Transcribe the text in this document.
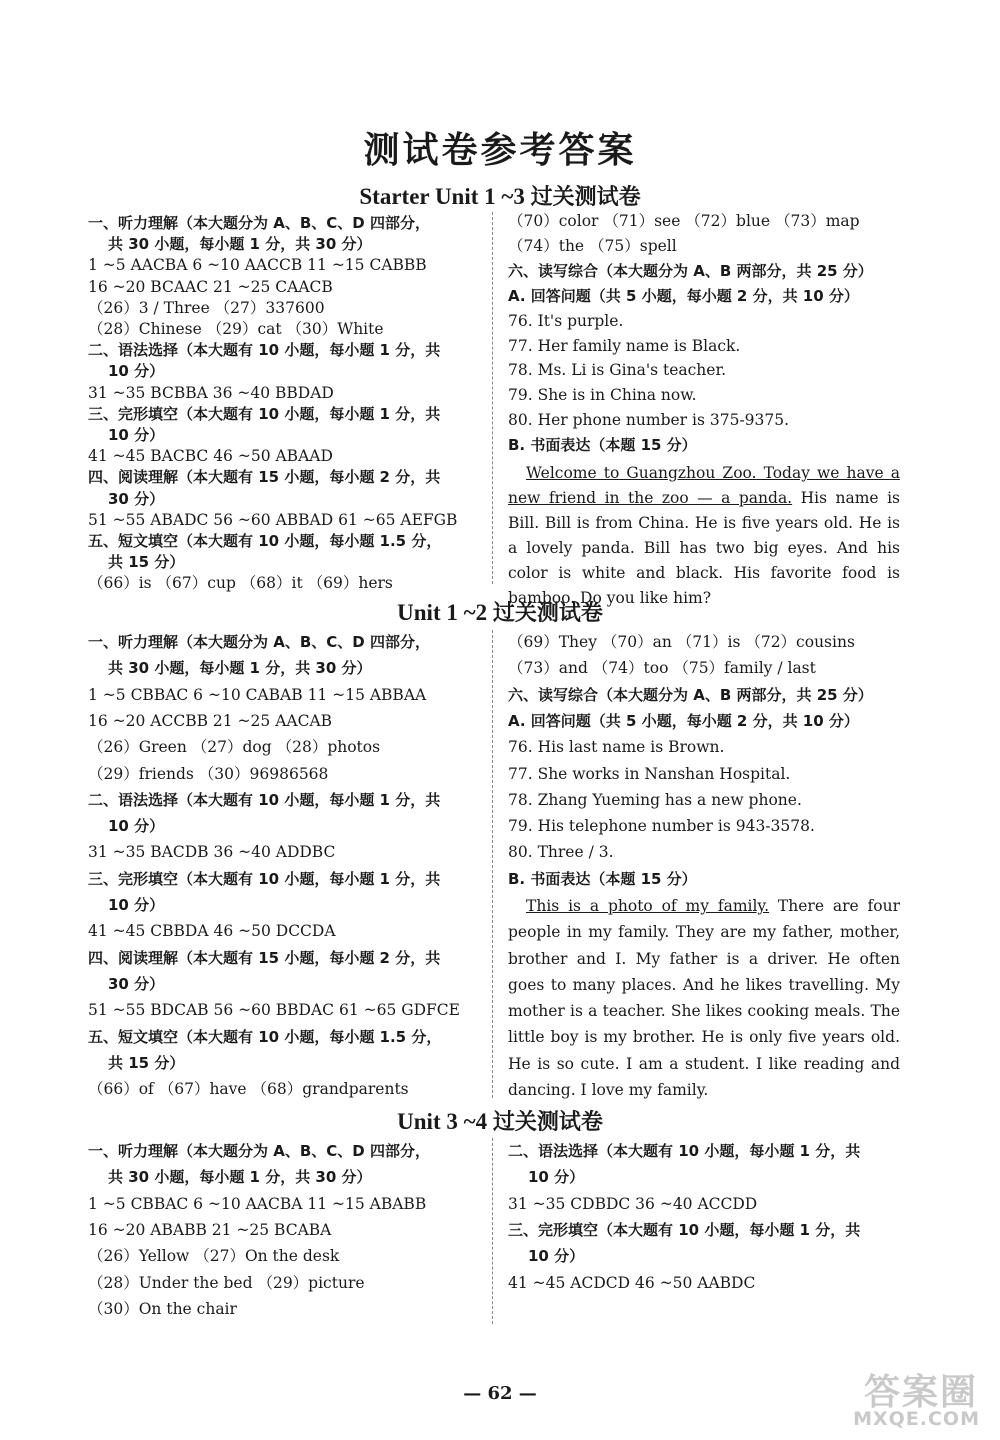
测试卷参考答案
Starter Unit 1 ~3 过关测试卷
一、听力理解（本大题分为 A、B、C、D 四部分，
共 30 小题，每小题 1 分，共 30 分）
1 ~5 AACBA 6 ~10 AACCB 11 ~15 CABBB
16 ~20 BCAAC 21 ~25 CAACB
（26）3 / Three （27）337600
（28）Chinese （29）cat （30）White
二、语法选择（本大题有 10 小题，每小题 1 分，共
10 分）
31 ~35 BCBBA 36 ~40 BBDAD
三、完形填空（本大题有 10 小题，每小题 1 分，共
10 分）
41 ~45 BACBC 46 ~50 ABAAD
四、阅读理解（本大题有 15 小题，每小题 2 分，共
30 分）
51 ~55 ABADC 56 ~60 ABBAD 61 ~65 AEFGB
五、短文填空（本大题有 10 小题，每小题 1.5 分，
共 15 分）
（66）is （67）cup （68）it （69）hers
（70）color （71）see （72）blue （73）map
（74）the （75）spell
六、读写综合（本大题分为 A、B 两部分，共 25 分）
A. 回答问题（共 5 小题，每小题 2 分，共 10 分）
76. It's purple.
77. Her family name is Black.
78. Ms. Li is Gina's teacher.
79. She is in China now.
80. Her phone number is 375-9375.
B. 书面表达（本题 15 分）

Welcome to Guangzhou Zoo. Today we have a new friend in the zoo — a panda. His name is Bill. Bill is from China. He is five years old. He is a lovely panda. Bill has two big eyes. And his color is white and black. His favorite food is bamboo. Do you like him?

Unit 1 ~2 过关测试卷
一、听力理解（本大题分为 A、B、C、D 四部分，
共 30 小题，每小题 1 分，共 30 分）
1 ~5 CBBAC 6 ~10 CABAB 11 ~15 ABBAA
16 ~20 ACCBB 21 ~25 AACAB
（26）Green （27）dog （28）photos
（29）friends （30）96986568
二、语法选择（本大题有 10 小题，每小题 1 分，共
10 分）
31 ~35 BACDB 36 ~40 ADDBC
三、完形填空（本大题有 10 小题，每小题 1 分，共
10 分）
41 ~45 CBBDA 46 ~50 DCCDA
四、阅读理解（本大题有 15 小题，每小题 2 分，共
30 分）
51 ~55 BDCAB 56 ~60 BBDAC 61 ~65 GDFCE
五、短文填空（本大题有 10 小题，每小题 1.5 分，
共 15 分）
（66）of （67）have （68）grandparents
（69）They （70）an （71）is （72）cousins
（73）and （74）too （75）family / last
六、读写综合（本大题分为 A、B 两部分，共 25 分）
A. 回答问题（共 5 小题，每小题 2 分，共 10 分）
76. His last name is Brown.
77. She works in Nanshan Hospital.
78. Zhang Yueming has a new phone.
79. His telephone number is 943-3578.
80. Three / 3.
B. 书面表达（本题 15 分）

This is a photo of my family. There are four people in my family. They are my father, mother, brother and I. My father is a driver. He often goes to many places. And he likes travelling. My mother is a teacher. She likes cooking meals. The little boy is my brother. He is only five years old. He is so cute. I am a student. I like reading and dancing. I love my family.

Unit 3 ~4 过关测试卷
一、听力理解（本大题分为 A、B、C、D 四部分，
共 30 小题，每小题 1 分，共 30 分）
1 ~5 CBBAC 6 ~10 AACBA 11 ~15 ABABB
16 ~20 ABABB 21 ~25 BCABA
（26）Yellow （27）On the desk
（28）Under the bed （29）picture
（30）On the chair
二、语法选择（本大题有 10 小题，每小题 1 分，共
10 分）
31 ~35 CDBDC 36 ~40 ACCDD
三、完形填空（本大题有 10 小题，每小题 1 分，共
10 分）
41 ~45 ACDCD 46 ~50 AABDC
— 62 —	答案圈
MXQE.COM
